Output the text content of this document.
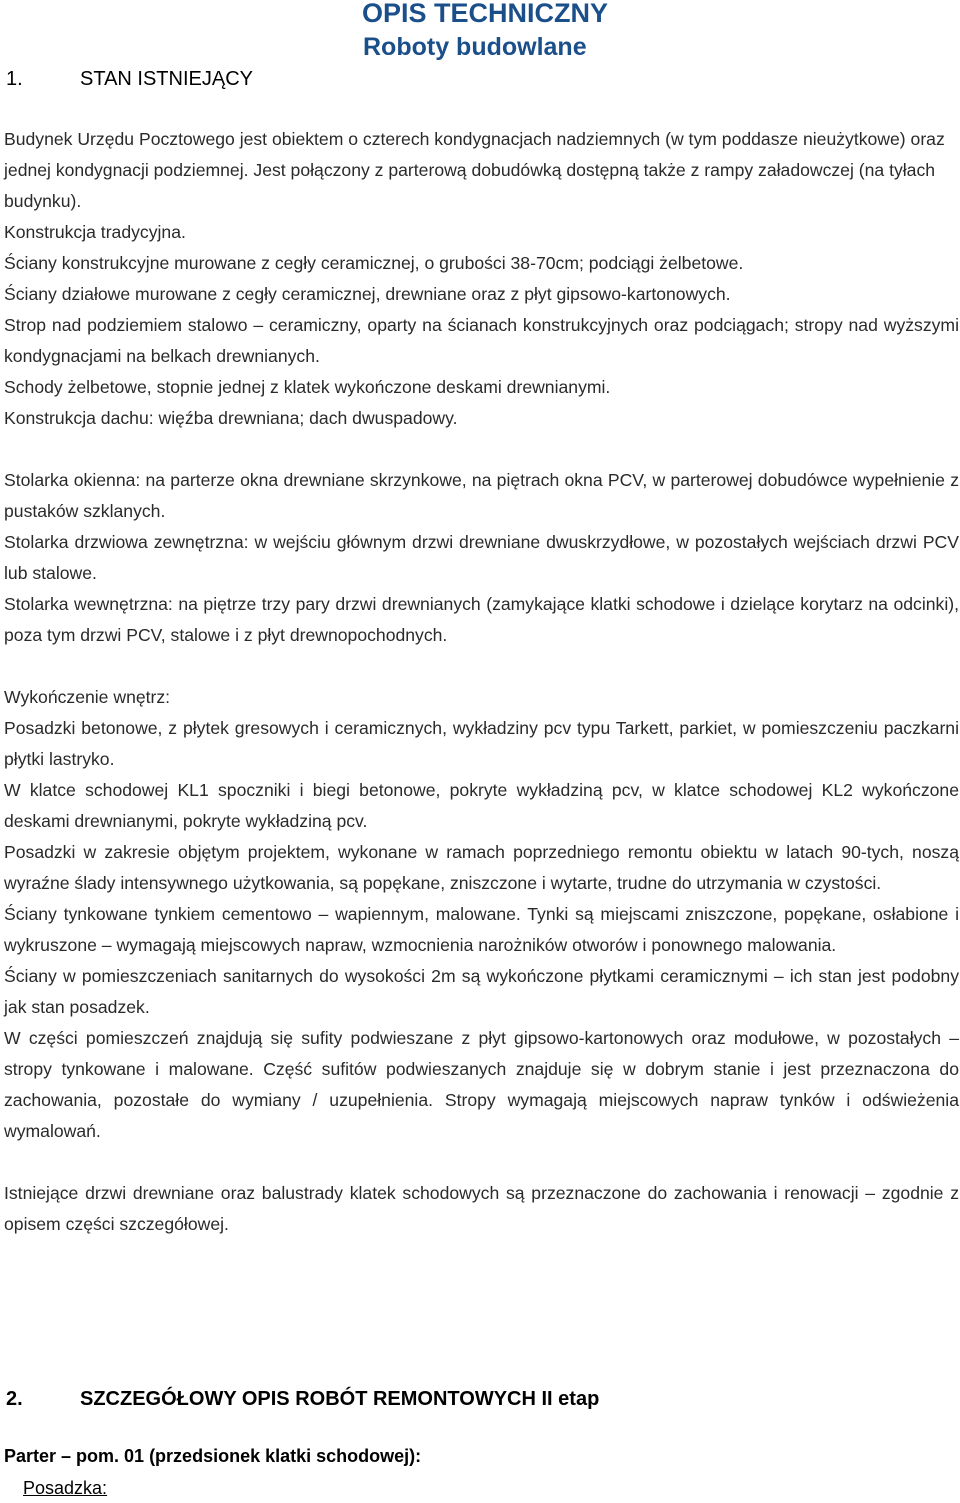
OPIS TECHNICZNY
Roboty budowlane
1.	STAN ISTNIEJĄCY

Budynek Urzędu Pocztowego jest obiektem o czterech kondygnacjach nadziemnych (w tym poddasze nieużytkowe) oraz jednej kondygnacji podziemnej. Jest połączony z parterową dobudówką dostępną także z rampy załadowczej (na tyłach budynku).

Konstrukcja tradycyjna.

Ściany konstrukcyjne murowane z cegły ceramicznej, o grubości 38-70cm; podciągi żelbetowe.

Ściany działowe murowane z cegły ceramicznej, drewniane oraz z płyt gipsowo-kartonowych.

Strop nad podziemiem stalowo – ceramiczny, oparty na ścianach konstrukcyjnych oraz podciągach; stropy nad wyższymi kondygnacjami na belkach drewnianych.

Schody żelbetowe, stopnie jednej z klatek wykończone deskami drewnianymi.

Konstrukcja dachu: więźba drewniana; dach dwuspadowy.

Stolarka okienna: na parterze okna drewniane skrzynkowe, na piętrach okna PCV, w parterowej dobudówce wypełnienie z pustaków szklanych.

Stolarka drzwiowa zewnętrzna: w wejściu głównym drzwi drewniane dwuskrzydłowe, w pozostałych wejściach drzwi PCV lub stalowe.

Stolarka wewnętrzna: na piętrze trzy pary drzwi drewnianych (zamykające klatki schodowe i dzielące korytarz na odcinki), poza tym drzwi PCV, stalowe i z płyt drewnopochodnych.

Wykończenie wnętrz:

Posadzki betonowe, z płytek gresowych i ceramicznych, wykładziny pcv typu Tarkett, parkiet, w pomieszczeniu paczkarni płytki lastryko.

W klatce schodowej KL1 spoczniki i biegi betonowe, pokryte wykładziną pcv, w klatce schodowej KL2 wykończone deskami drewnianymi, pokryte wykładziną pcv.

Posadzki w zakresie objętym projektem, wykonane w ramach poprzedniego remontu obiektu w latach 90-tych, noszą wyraźne ślady intensywnego użytkowania, są popękane, zniszczone i wytarte, trudne do utrzymania w czystości.

Ściany tynkowane tynkiem cementowo – wapiennym, malowane. Tynki są miejscami zniszczone, popękane, osłabione i wykruszone – wymagają miejscowych napraw, wzmocnienia narożników otworów i ponownego malowania.

Ściany w pomieszczeniach sanitarnych do wysokości 2m są wykończone płytkami ceramicznymi – ich stan jest podobny jak stan posadzek.

W części pomieszczeń znajdują się sufity podwieszane z płyt gipsowo-kartonowych oraz modułowe, w pozostałych – stropy tynkowane i malowane. Część sufitów podwieszanych znajduje się w dobrym stanie i jest przeznaczona do zachowania, pozostałe do wymiany / uzupełnienia. Stropy wymagają miejscowych napraw tynków i odświeżenia wymalowań.

Istniejące drzwi drewniane oraz balustrady klatek schodowych są przeznaczone do zachowania i renowacji – zgodnie z opisem części szczegółowej.

2.	SZCZEGÓŁOWY OPIS ROBÓT REMONTOWYCH II etap
Parter – pom. 01 (przedsionek klatki schodowej):
Posadzka:
